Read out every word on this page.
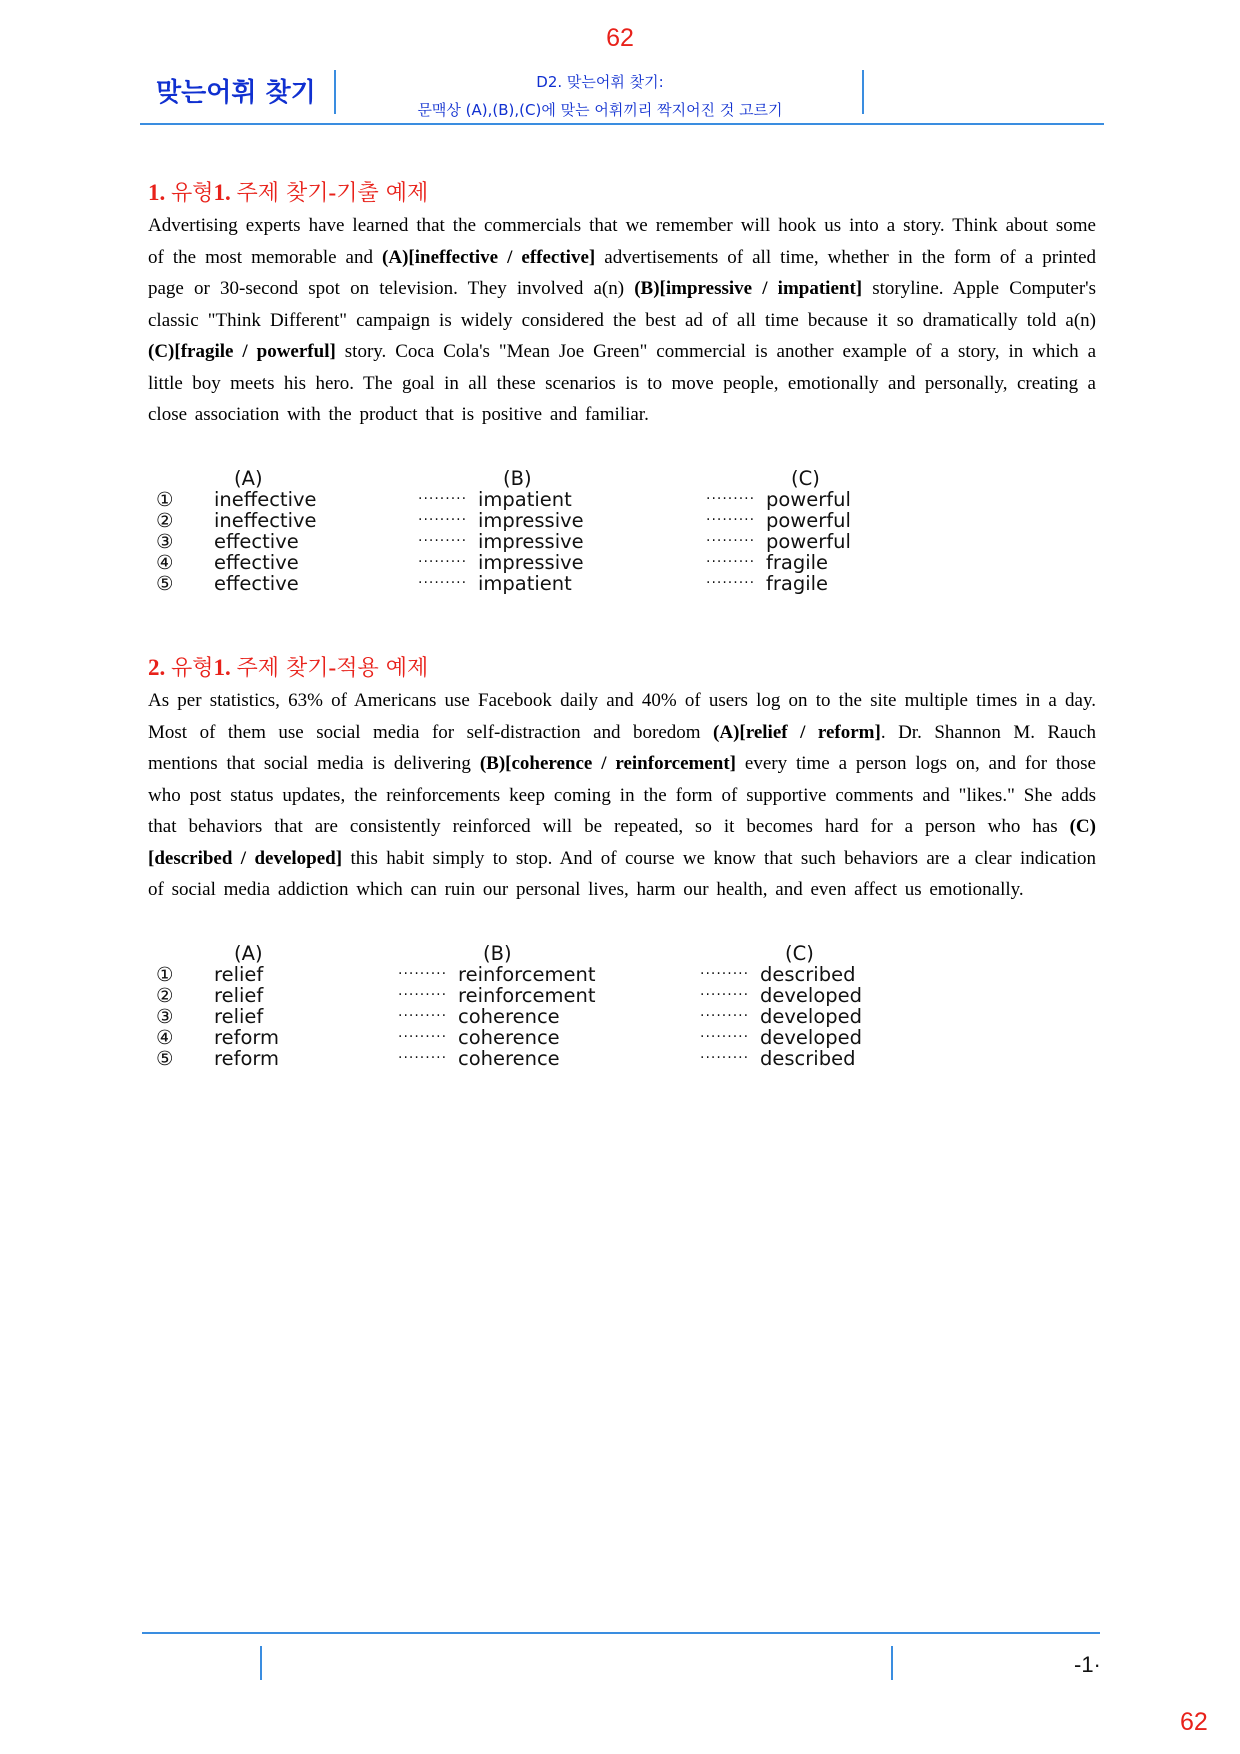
62
맞는어휘 찾기	D2. 맞는어휘 찾기:
문맥상 (A),(B),(C)에 맞는 어휘끼리 짝지어진 것 고르기
1. 유형1. 주제 찾기-기출 예제
Advertising experts have learned that the commercials that we remember will hook us into a story. Think about some of the most memorable and (A)[ineffective / effective] advertisements of all time, whether in the form of a printed page or 30-second spot on television. They involved a(n) (B)[impressive / impatient] storyline. Apple Computer's classic "Think Different" campaign is widely considered the best ad of all time because it so dramatically told a(n) (C)[fragile / powerful] story. Coca Cola's "Mean Joe Green" commercial is another example of a story, in which a little boy meets his hero. The goal in all these scenarios is to move people, emotionally and personally, creating a close association with the product that is positive and familiar.
(A)	(B)	(C)
① ineffective	········· impatient	········· powerful
② ineffective	········· impressive	········· powerful
③ effective	········· impressive	········· powerful
④ effective	········· impressive	········· fragile
⑤ effective	········· impatient	········· fragile
2. 유형1. 주제 찾기-적용 예제
As per statistics, 63% of Americans use Facebook daily and 40% of users log on to the site multiple times in a day. Most of them use social media for self-distraction and boredom (A)[relief / reform]. Dr. Shannon M. Rauch mentions that social media is delivering (B)[coherence / reinforcement] every time a person logs on, and for those who post status updates, the reinforcements keep coming in the form of supportive comments and "likes." She adds that behaviors that are consistently reinforced will be repeated, so it becomes hard for a person who has (C)[described / developed] this habit simply to stop. And of course we know that such behaviors are a clear indication of social media addiction which can ruin our personal lives, harm our health, and even affect us emotionally.
(A)	(B)	(C)
① relief	········· reinforcement	········· described
② relief	········· reinforcement	········· developed
③ relief	········· coherence	········· developed
④ reform	········· coherence	········· developed
⑤ reform	········· coherence	········· described
-1·
62
